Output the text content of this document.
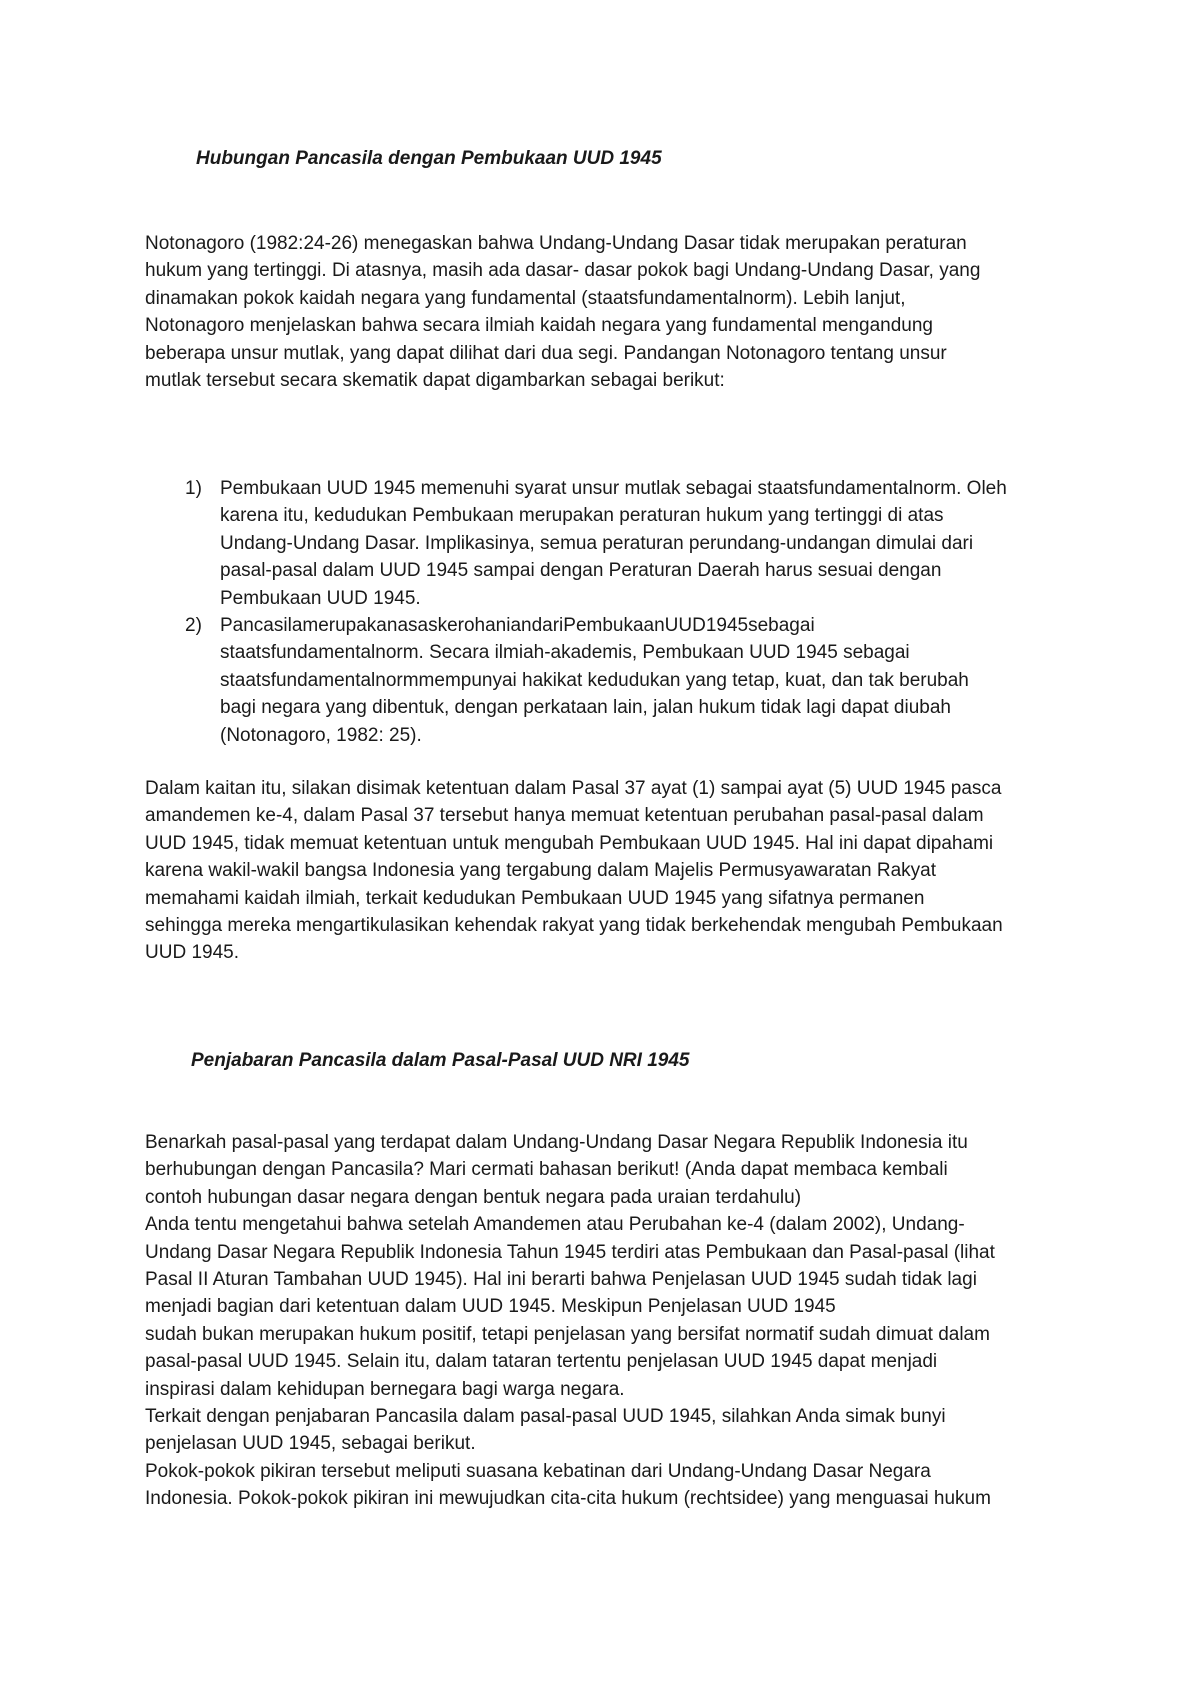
Hubungan Pancasila dengan Pembukaan UUD 1945
Notonagoro (1982:24-26) menegaskan bahwa Undang-Undang Dasar tidak merupakan peraturan
hukum yang tertinggi. Di atasnya, masih ada dasar- dasar pokok bagi Undang-Undang Dasar, yang
dinamakan pokok kaidah negara yang fundamental (staatsfundamentalnorm). Lebih lanjut,
Notonagoro menjelaskan bahwa secara ilmiah kaidah negara yang fundamental mengandung
beberapa unsur mutlak, yang dapat dilihat dari dua segi. Pandangan Notonagoro tentang unsur
mutlak tersebut secara skematik dapat digambarkan sebagai berikut:
1) Pembukaan UUD 1945 memenuhi syarat unsur mutlak sebagai staatsfundamentalnorm. Oleh
karena itu, kedudukan Pembukaan merupakan peraturan hukum yang tertinggi di atas
Undang-Undang Dasar. Implikasinya, semua peraturan perundang-undangan dimulai dari
pasal-pasal dalam UUD 1945 sampai dengan Peraturan Daerah harus sesuai dengan
Pembukaan UUD 1945.
2) PancasilamerupakanasaskerohaniandariPembukaanUUD1945sebagai
staatsfundamentalnorm. Secara ilmiah-akademis, Pembukaan UUD 1945 sebagai
staatsfundamentalnormmempunyai hakikat kedudukan yang tetap, kuat, dan tak berubah
bagi negara yang dibentuk, dengan perkataan lain, jalan hukum tidak lagi dapat diubah
(Notonagoro, 1982: 25).
Dalam kaitan itu, silakan disimak ketentuan dalam Pasal 37 ayat (1) sampai ayat (5) UUD 1945 pasca
amandemen ke-4, dalam Pasal 37 tersebut hanya memuat ketentuan perubahan pasal-pasal dalam
UUD 1945, tidak memuat ketentuan untuk mengubah Pembukaan UUD 1945. Hal ini dapat dipahami
karena wakil-wakil bangsa Indonesia yang tergabung dalam Majelis Permusyawaratan Rakyat
memahami kaidah ilmiah, terkait kedudukan Pembukaan UUD 1945 yang sifatnya permanen
sehingga mereka mengartikulasikan kehendak rakyat yang tidak berkehendak mengubah Pembukaan
UUD 1945.
Penjabaran Pancasila dalam Pasal-Pasal UUD NRI 1945
Benarkah pasal-pasal yang terdapat dalam Undang-Undang Dasar Negara Republik Indonesia itu
berhubungan dengan Pancasila? Mari cermati bahasan berikut! (Anda dapat membaca kembali
contoh hubungan dasar negara dengan bentuk negara pada uraian terdahulu)
Anda tentu mengetahui bahwa setelah Amandemen atau Perubahan ke-4 (dalam 2002), Undang-
Undang Dasar Negara Republik Indonesia Tahun 1945 terdiri atas Pembukaan dan Pasal-pasal (lihat
Pasal II Aturan Tambahan UUD 1945). Hal ini berarti bahwa Penjelasan UUD 1945 sudah tidak lagi
menjadi bagian dari ketentuan dalam UUD 1945. Meskipun Penjelasan UUD 1945
sudah bukan merupakan hukum positif, tetapi penjelasan yang bersifat normatif sudah dimuat dalam
pasal-pasal UUD 1945. Selain itu, dalam tataran tertentu penjelasan UUD 1945 dapat menjadi
inspirasi dalam kehidupan bernegara bagi warga negara.
Terkait dengan penjabaran Pancasila dalam pasal-pasal UUD 1945, silahkan Anda simak bunyi
penjelasan UUD 1945, sebagai berikut.
Pokok-pokok pikiran tersebut meliputi suasana kebatinan dari Undang-Undang Dasar Negara
Indonesia. Pokok-pokok pikiran ini mewujudkan cita-cita hukum (rechtsidee) yang menguasai hukum
